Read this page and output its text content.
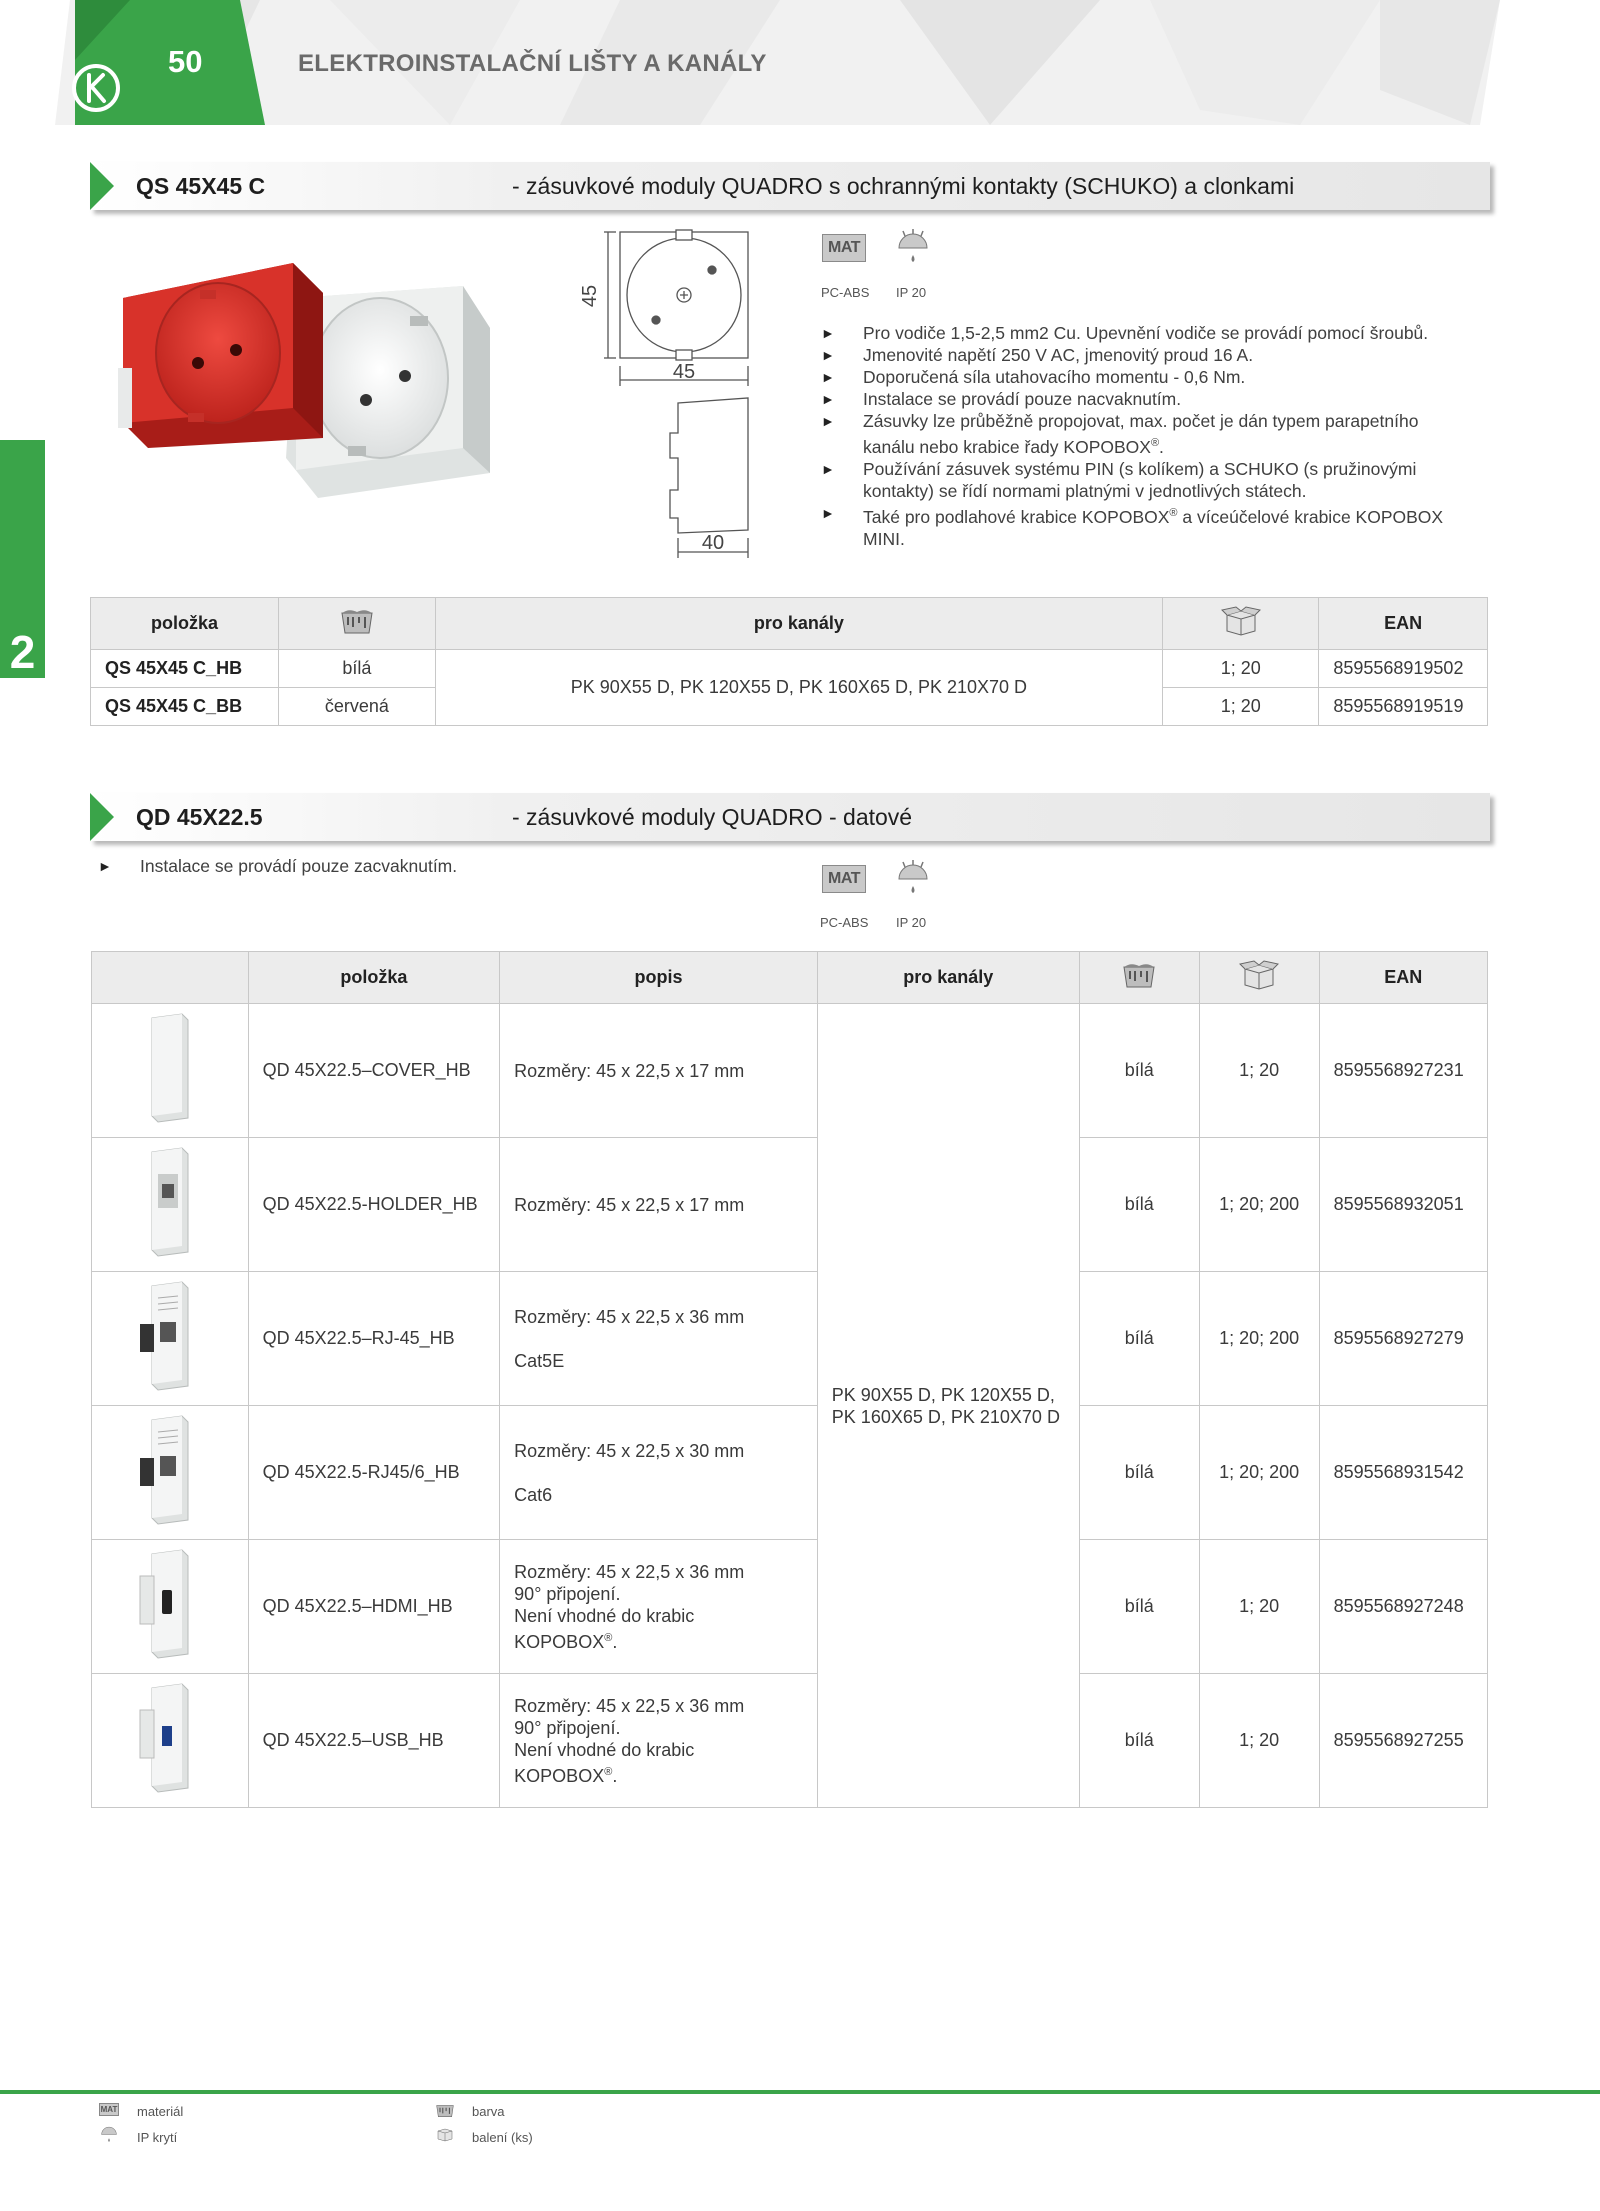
50	ELEKTROINSTALAČNÍ LIŠTY A KANÁLY
2
QS 45X45 C	- zásuvkové moduly QUADRO s ochrannými kontakty (SCHUKO) a clonkami
45
45
40
MAT
PC-ABS IP 20

► Pro vodiče 1,5-2,5 mm2 Cu. Upevnění vodiče se provádí pomocí šroubů.

► Jmenovité napětí 250 V AC, jmenovitý proud 16 A.

► Doporučená síla utahovacího momentu - 0,6 Nm.

► Instalace se provádí pouze nacvaknutím.

► Zásuvky lze průběžně propojovat, max. počet je dán typem parapetního
kanálu nebo krabice řady KOPOBOX®.

► Používání zásuvek systému PIN (s kolíkem) a SCHUKO (s pružinovými
kontakty) se řídí normami platnými v jednotlivých státech.

► Také pro podlahové krabice KOPOBOX® a víceúčelové krabice KOPOBOX
MINI.

položka		pro kanály		EAN
QS 45X45 C_HB	bílá	PK 90X55 D, PK 120X55 D, PK 160X65 D, PK 210X70 D	1; 20	8595568919502
QS 45X45 C_BB	červená		1; 20	8595568919519
QD 45X22.5	- zásuvkové moduly QUADRO - datové

► Instalace se provádí pouze zacvaknutím.

MAT
PC-ABS IP 20
	položka	popis	pro kanály			EAN
	QD 45X22.5–COVER_HB	Rozměry: 45 x 22,5 x 17 mm	PK 90X55 D, PK 120X55 D,
PK 160X65 D, PK 210X70 D	bílá	1; 20	8595568927231
	QD 45X22.5-HOLDER_HB	Rozměry: 45 x 22,5 x 17 mm		bílá	1; 20; 200	8595568932051
	QD 45X22.5–RJ-45_HB	Rozměry: 45 x 22,5 x 36 mm
Cat5E		bílá	1; 20; 200	8595568927279
	QD 45X22.5-RJ45/6_HB	Rozměry: 45 x 22,5 x 30 mm
Cat6		bílá	1; 20; 200	8595568931542
	QD 45X22.5–HDMI_HB	Rozměry: 45 x 22,5 x 36 mm
90° připojení.
Není vhodné do krabic
KOPOBOX®.		bílá	1; 20	8595568927248
	QD 45X22.5–USB_HB	Rozměry: 45 x 22,5 x 36 mm
90° připojení.
Není vhodné do krabic
KOPOBOX®.		bílá	1; 20	8595568927255
MAT materiál
IP krytí
barva
balení (ks)
